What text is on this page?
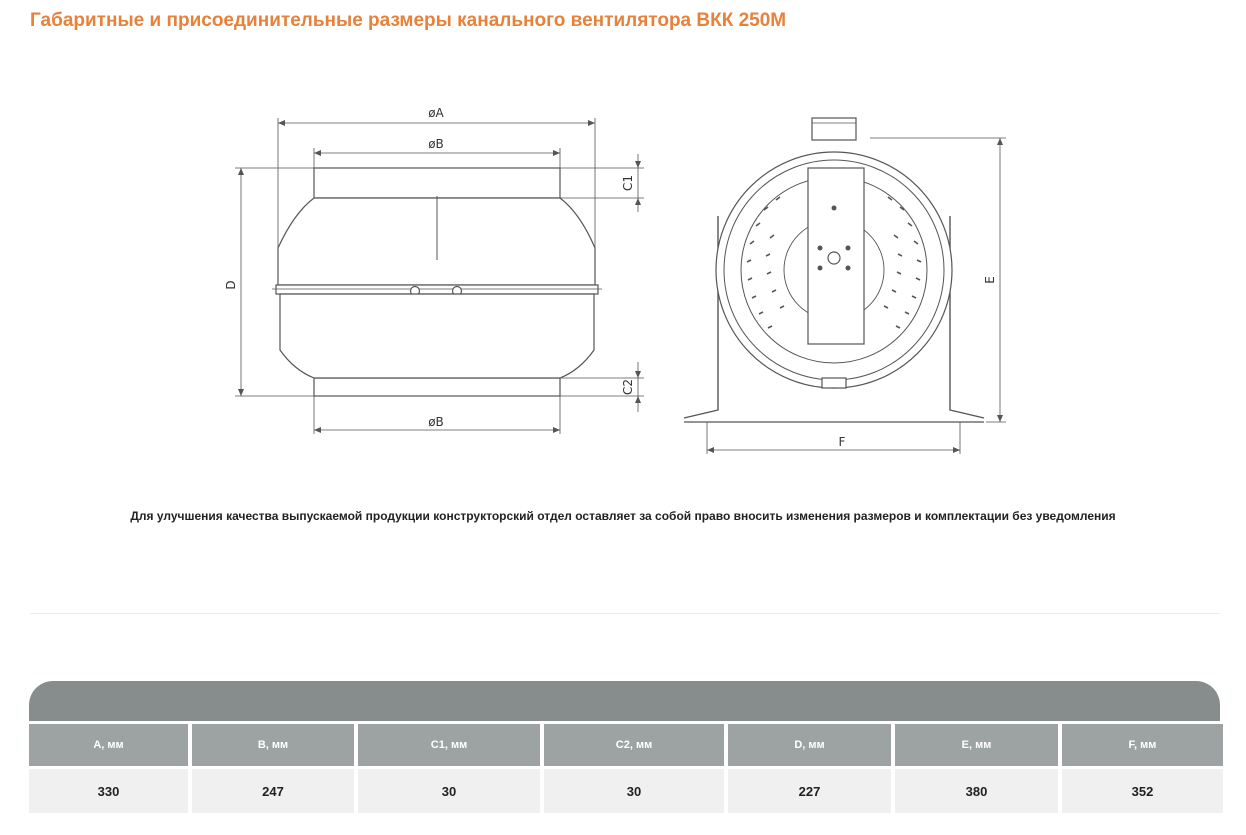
Габаритные и присоединительные размеры канального вентилятора ВКК 250М
øA
øB
øB
D
C1
C2
E
F
Для улучшения качества выпускаемой продукции конструкторский отдел оставляет за собой право вносить изменения размеров и комплектации без уведомления
A, мм	B, мм	C1, мм	C2, мм	D, мм	E, мм	F, мм
330	247	30	30	227	380	352
